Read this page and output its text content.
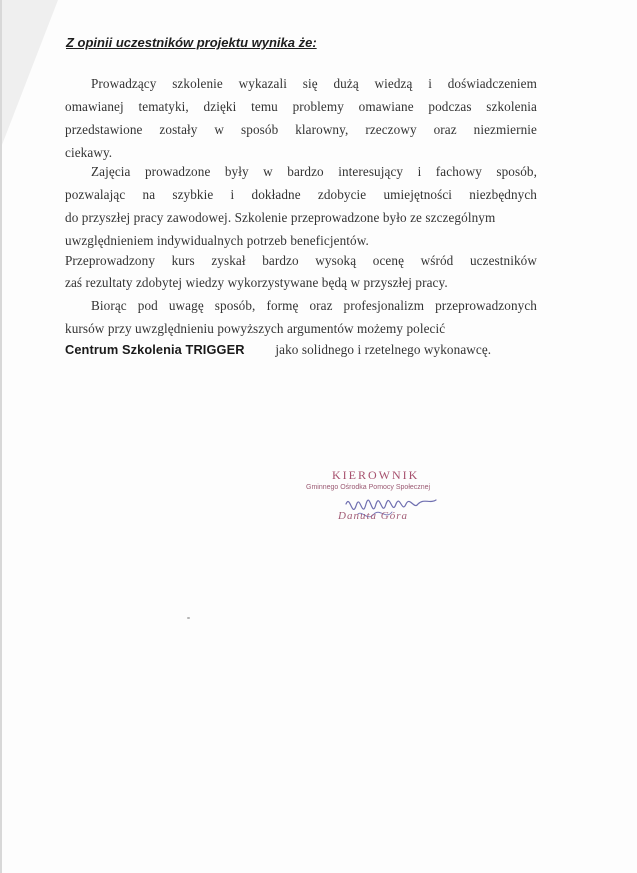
Z opinii uczestników projektu wynika że:
Prowadzący szkolenie wykazali się dużą wiedzą i doświadczeniem
omawianej tematyki, dzięki temu problemy omawiane podczas szkolenia
przedstawione zostały w sposób klarowny, rzeczowy oraz niezmiernie
ciekawy.
Zajęcia prowadzone były w bardzo interesujący i fachowy sposób,
pozwalając na szybkie i dokładne zdobycie umiejętności niezbędnych
do przyszłej pracy zawodowej. Szkolenie przeprowadzone było ze szczególnym
uwzględnieniem indywidualnych potrzeb beneficjentów.
Przeprowadzony kurs zyskał bardzo wysoką ocenę wśród uczestników
zaś rezultaty zdobytej wiedzy wykorzystywane będą w przyszłej pracy.
Biorąc pod uwagę sposób, formę oraz profesjonalizm przeprowadzonych
kursów przy uwzględnieniu powyższych argumentów możemy polecić
Centrum Szkolenia TRIGGER jako solidnego i rzetelnego wykonawcę.
KIEROWNIK
Gminnego Ośrodka Pomocy Społecznej
Danuta Góra
